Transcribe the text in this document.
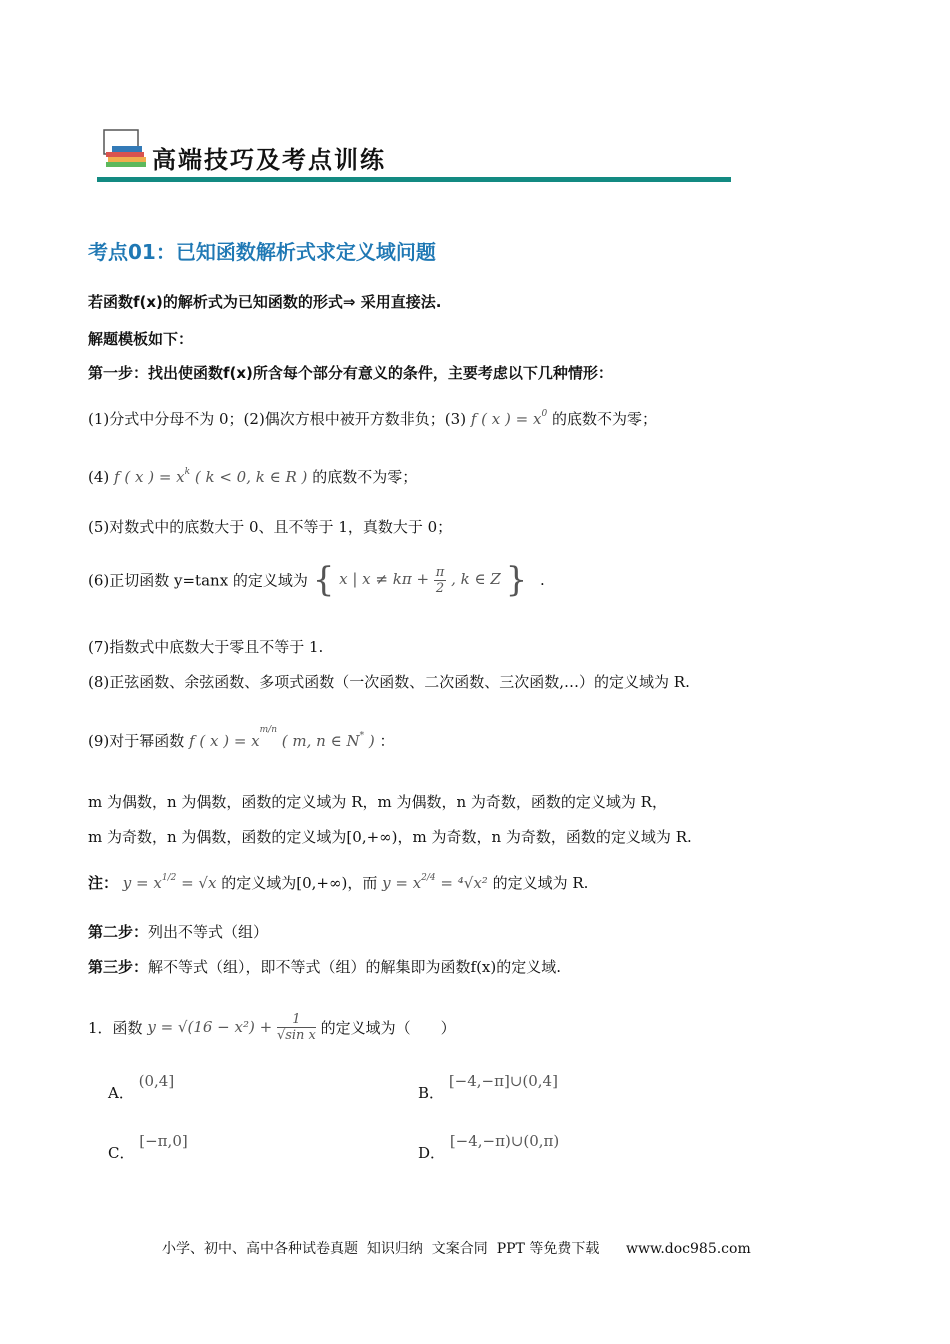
高端技巧及考点训练
考点01：已知函数解析式求定义域问题
若函数f(x)的解析式为已知函数的形式⇒ 采用直接法.
解题模板如下：
第一步：找出使函数f(x)所含每个部分有意义的条件，主要考虑以下几种情形：
(1)分式中分母不为 0；(2)偶次方根中被开方数非负；(3) f ( x ) = $x^0$ 的底数不为零；
(4) f ( x ) = $x^k$ ( k < 0, k ∈ R ) 的底数不为零；
(5)对数式中的底数大于 0、且不等于 1，真数大于 0；
(6)正切函数 y=tanx 的定义域为 { x | $x \ne k\pi + \frac{\pi}{2}$ , k ∈ Z } .
(7)指数式中底数大于零且不等于 1.
(8)正弦函数、余弦函数、多项式函数（一次函数、二次函数、三次函数,…）的定义域为 R.
(9)对于幂函数 f ( x ) = $x^{m/n}$ ( m, n ∈ N* ) ：
m 为偶数，n 为偶数，函数的定义域为 R，m 为偶数，n 为奇数，函数的定义域为 R，
m 为奇数，n 为偶数，函数的定义域为[0,+∞)，m 为奇数，n 为奇数，函数的定义域为 R.
注： $y = x^{1/2} = √x$ 的定义域为[0,+∞)，而 $y = x^{2/4} = ^4√x^2$ 的定义域为 R.
第二步：列出不等式（组）
第三步：解不等式（组），即不等式（组）的解集即为函数f(x)的定义域.
1．函数 $y = √(16 - x^2) + \frac{1}{\text{√sin x}}$ 的定义域为（　　）
A． (0,4]
B． [−4,−π]∪(0,4]
C． [−π,0]
D． [−4,−π)∪(0,π)
小学、初中、高中各种试卷真题  知识归纳  文案合同  PPT 等免费下载      www.doc985.com
